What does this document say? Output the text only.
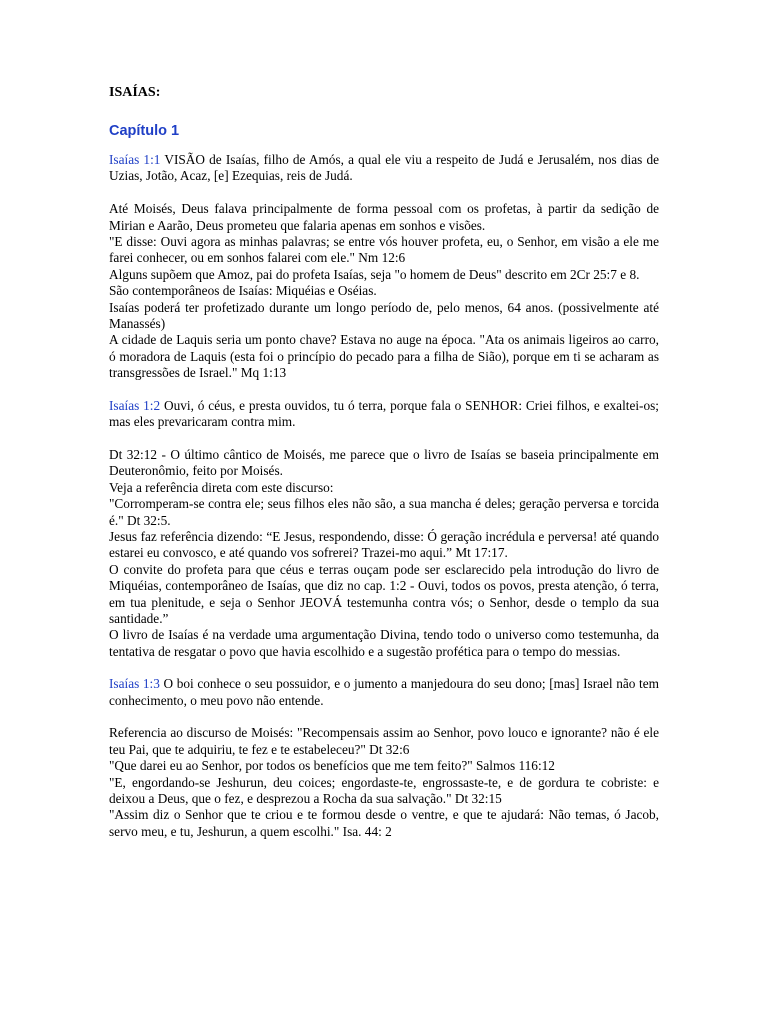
ISAÍAS:
Capítulo 1

Isaías 1:1 VISÃO de Isaías, filho de Amós, a qual ele viu a respeito de Judá e Jerusalém, nos dias de Uzias, Jotão, Acaz, [e] Ezequias, reis de Judá.

Até Moisés, Deus falava principalmente de forma pessoal com os profetas, à partir da sedição de Mirian e Aarão, Deus prometeu que falaria apenas em sonhos e visões.

"E disse: Ouvi agora as minhas palavras; se entre vós houver profeta, eu, o Senhor, em visão a ele me farei conhecer, ou em sonhos falarei com ele." Nm 12:6

Alguns supõem que Amoz, pai do profeta Isaías, seja "o homem de Deus" descrito em 2Cr 25:7 e 8.

São contemporâneos de Isaías: Miquéias e Oséias.

Isaías poderá ter profetizado durante um longo período de, pelo menos, 64 anos. (possivelmente até Manassés)

A cidade de Laquis seria um ponto chave? Estava no auge na época. "Ata os animais ligeiros ao carro, ó moradora de Laquis (esta foi o princípio do pecado para a filha de Sião), porque em ti se acharam as transgressões de Israel." Mq 1:13

Isaías 1:2 Ouvi, ó céus, e presta ouvidos, tu ó terra, porque fala o SENHOR: Criei filhos, e exaltei-os; mas eles prevaricaram contra mim.

Dt 32:12 - O último cântico de Moisés, me parece que o livro de Isaías se baseia principalmente em Deuteronômio, feito por Moisés.

Veja a referência direta com este discurso:

"Corromperam-se contra ele; seus filhos eles não são, a sua mancha é deles; geração perversa e torcida é." Dt 32:5.

Jesus faz referência dizendo: “E Jesus, respondendo, disse: Ó geração incrédula e perversa! até quando estarei eu convosco, e até quando vos sofrerei? Trazei-mo aqui.” Mt 17:17.

O convite do profeta para que céus e terras ouçam pode ser esclarecido pela introdução do livro de Miquéias, contemporâneo de Isaías, que diz no cap. 1:2 - Ouvi, todos os povos, presta atenção, ó terra, em tua plenitude, e seja o Senhor JEOVÁ testemunha contra vós; o Senhor, desde o templo da sua santidade.”

O livro de Isaías é na verdade uma argumentação Divina, tendo todo o universo como testemunha, da tentativa de resgatar o povo que havia escolhido e a sugestão profética para o tempo do messias.

Isaías 1:3 O boi conhece o seu possuidor, e o jumento a manjedoura do seu dono; [mas] Israel não tem conhecimento, o meu povo não entende.

Referencia ao discurso de Moisés: "Recompensais assim ao Senhor, povo louco e ignorante? não é ele teu Pai, que te adquiriu, te fez e te estabeleceu?" Dt 32:6

"Que darei eu ao Senhor, por todos os benefícios que me tem feito?" Salmos 116:12

"E, engordando-se Jeshurun, deu coices; engordaste-te, engrossaste-te, e de gordura te cobriste: e deixou a Deus, que o fez, e desprezou a Rocha da sua salvação." Dt 32:15

"Assim diz o Senhor que te criou e te formou desde o ventre, e que te ajudará: Não temas, ó Jacob, servo meu, e tu, Jeshurun, a quem escolhi." Isa. 44: 2
